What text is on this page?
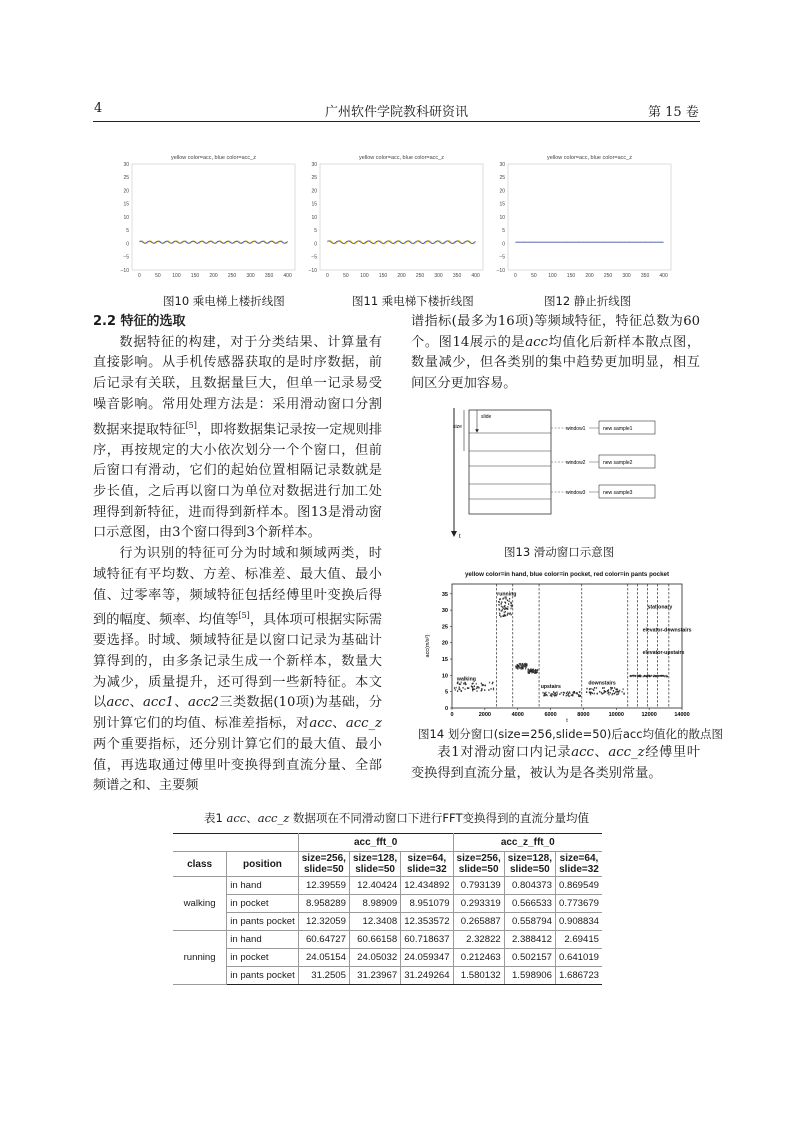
4	广州软件学院教科研资讯	第 15 卷
yellow color=acc, blue color=acc_z
30
25
20
15
10
5
0
−5
−10
0	50 100 150 200 250 300 350 400
yellow color=acc, blue color=acc_z
30
25
20
15
10
5
0
−5
−10
0	50 100 150 200 250 300 350 400
yellow color=acc, blue color=acc_z
30
25
20
15
10
5
0
−5
−10
0	50 100 150 200 250 300 350 400
图10 乘电梯上楼折线图	图11 乘电梯下楼折线图	图12 静止折线图
2.2 特征的选取

数据特征的构建，对于分类结果、计算量有直接影响。从手机传感器获取的是时序数据，前后记录有关联，且数据量巨大，但单一记录易受噪音影响。常用处理方法是：采用滑动窗口分割数据来提取特征[5]，即将数据集记录按一定规则排序，再按规定的大小依次划分一个个窗口，但前后窗口有滑动，它们的起始位置相隔记录数就是步长值，之后再以窗口为单位对数据进行加工处理得到新特征，进而得到新样本。图13是滑动窗口示意图，由3个窗口得到3个新样本。

行为识别的特征可分为时域和频域两类，时域特征有平均数、方差、标准差、最大值、最小值、过零率等，频域特征包括经傅里叶变换后得到的幅度、频率、均值等[5]，具体项可根据实际需要选择。时域、频域特征是以窗口记录为基础计算得到的，由多条记录生成一个新样本，数量大为减少，质量提升，还可得到一些新特征。本文以acc、acc1、acc2三类数据(10项)为基础，分别计算它们的均值、标准差指标，对acc、acc_z两个重要指标，还分别计算它们的最大值、最小值，再选取通过傅里叶变换得到直流分量、全部频谱之和、主要频

谱指标(最多为16项)等频域特征，特征总数为60个。图14展示的是acc均值化后新样本散点图，数量减少，但各类别的集中趋势更加明显，相互间区分更加容易。

t
size
slide
window1
window2
window3
new sample1
new sample2
new sample3
图13 滑动窗口示意图
yellow color=in hand, blue color=in pocket, red color=in pants pocket
0
5
10
15
20
25
30
35
0	2000	4000	6000	8000	10000	12000	14000
acc(m/s²)
t
walking
running
upstairs
downstairs
stationary
elevator-downstairs
elevator-upstairs
图14 划分窗口(size=256,slide=50)后acc均值化的散点图

表1对滑动窗口内记录acc、acc_z经傅里叶变换得到直流分量，被认为是各类别常量。

表1 acc、acc_z 数据项在不同滑动窗口下进行FFT变换得到的直流分量均值
		acc_fft_0			acc_z_fft_0		
class	position	size=256,
slide=50	size=128,
slide=50	size=64,
slide=32	size=256,
slide=50	size=128,
slide=50	size=64,
slide=32
walking	in hand	12.39559	12.40424	12.434892	0.793139	0.804373	0.869549
	in pocket	8.958289	8.98909	8.951079	0.293319	0.566533	0.773679
	in pants pocket	12.32059	12.3408	12.353572	0.265887	0.558794	0.908834
running	in hand	60.64727	60.66158	60.718637	2.32822	2.388412	2.69415
	in pocket	24.05154	24.05032	24.059347	0.212463	0.502157	0.641019
	in pants pocket	31.2505	31.23967	31.249264	1.580132	1.598906	1.686723
